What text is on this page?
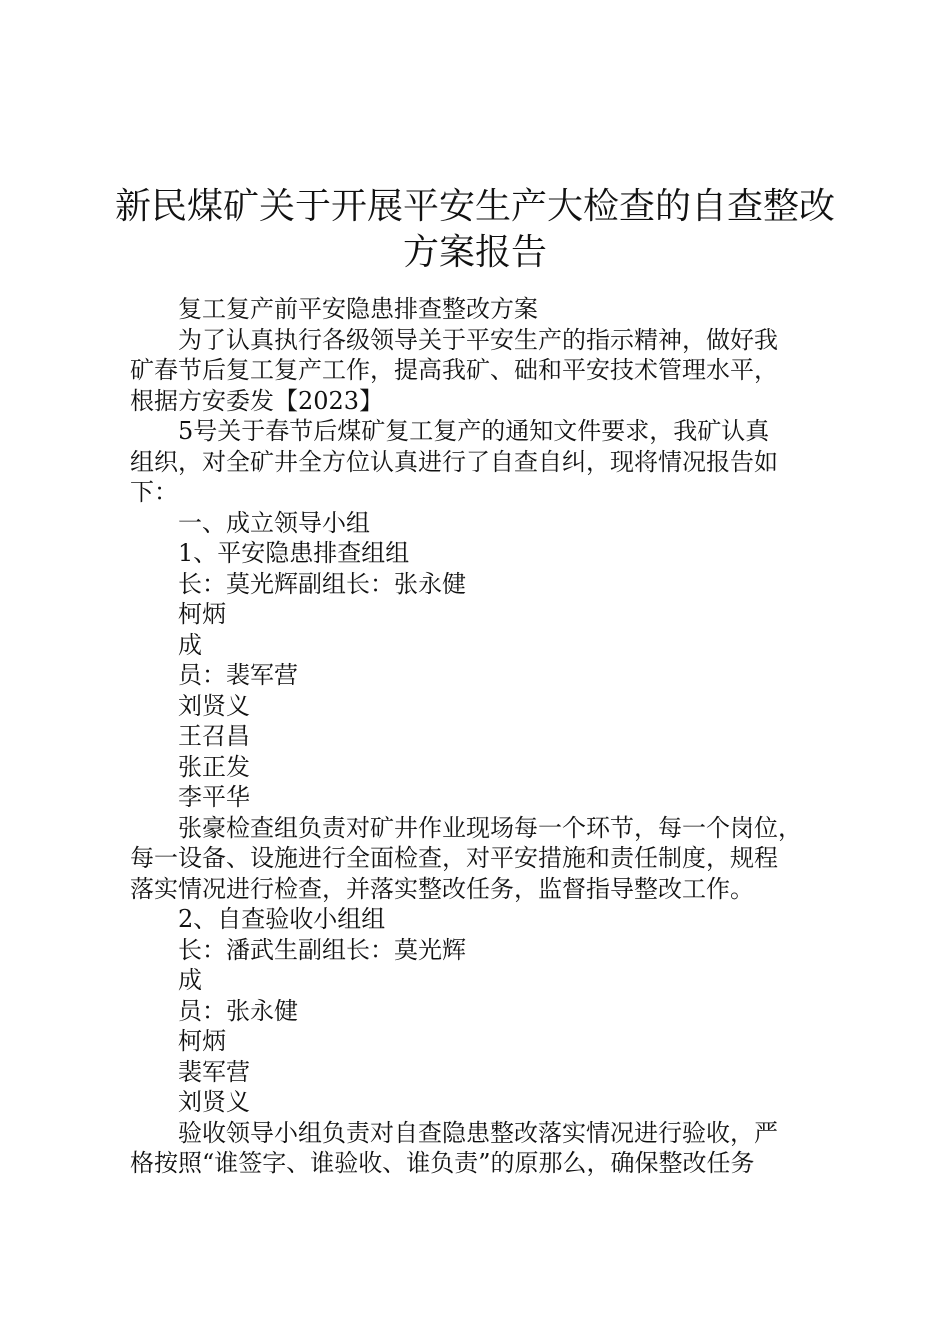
新民煤矿关于开展平安生产大检查的自查整改
方案报告
复工复产前平安隐患排查整改方案
为了认真执行各级领导关于平安生产的指示精神，做好我
矿春节后复工复产工作，提高我矿、础和平安技术管理水平，
根据方安委发【2023】
5号关于春节后煤矿复工复产的通知文件要求，我矿认真
组织，对全矿井全方位认真进行了自查自纠，现将情况报告如
下：
一、成立领导小组
1、平安隐患排查组组
长：莫光辉副组长：张永健
柯炳
成
员：裴军营
刘贤义
王召昌
张正发
李平华
张豪检查组负责对矿井作业现场每一个环节，每一个岗位，
每一设备、设施进行全面检查，对平安措施和责任制度，规程
落实情况进行检查，并落实整改任务，监督指导整改工作。
2、自查验收小组组
长：潘武生副组长：莫光辉
成
员：张永健
柯炳
裴军营
刘贤义
验收领导小组负责对自查隐患整改落实情况进行验收，严
格按照“谁签字、谁验收、谁负责”的原那么，确保整改任务
